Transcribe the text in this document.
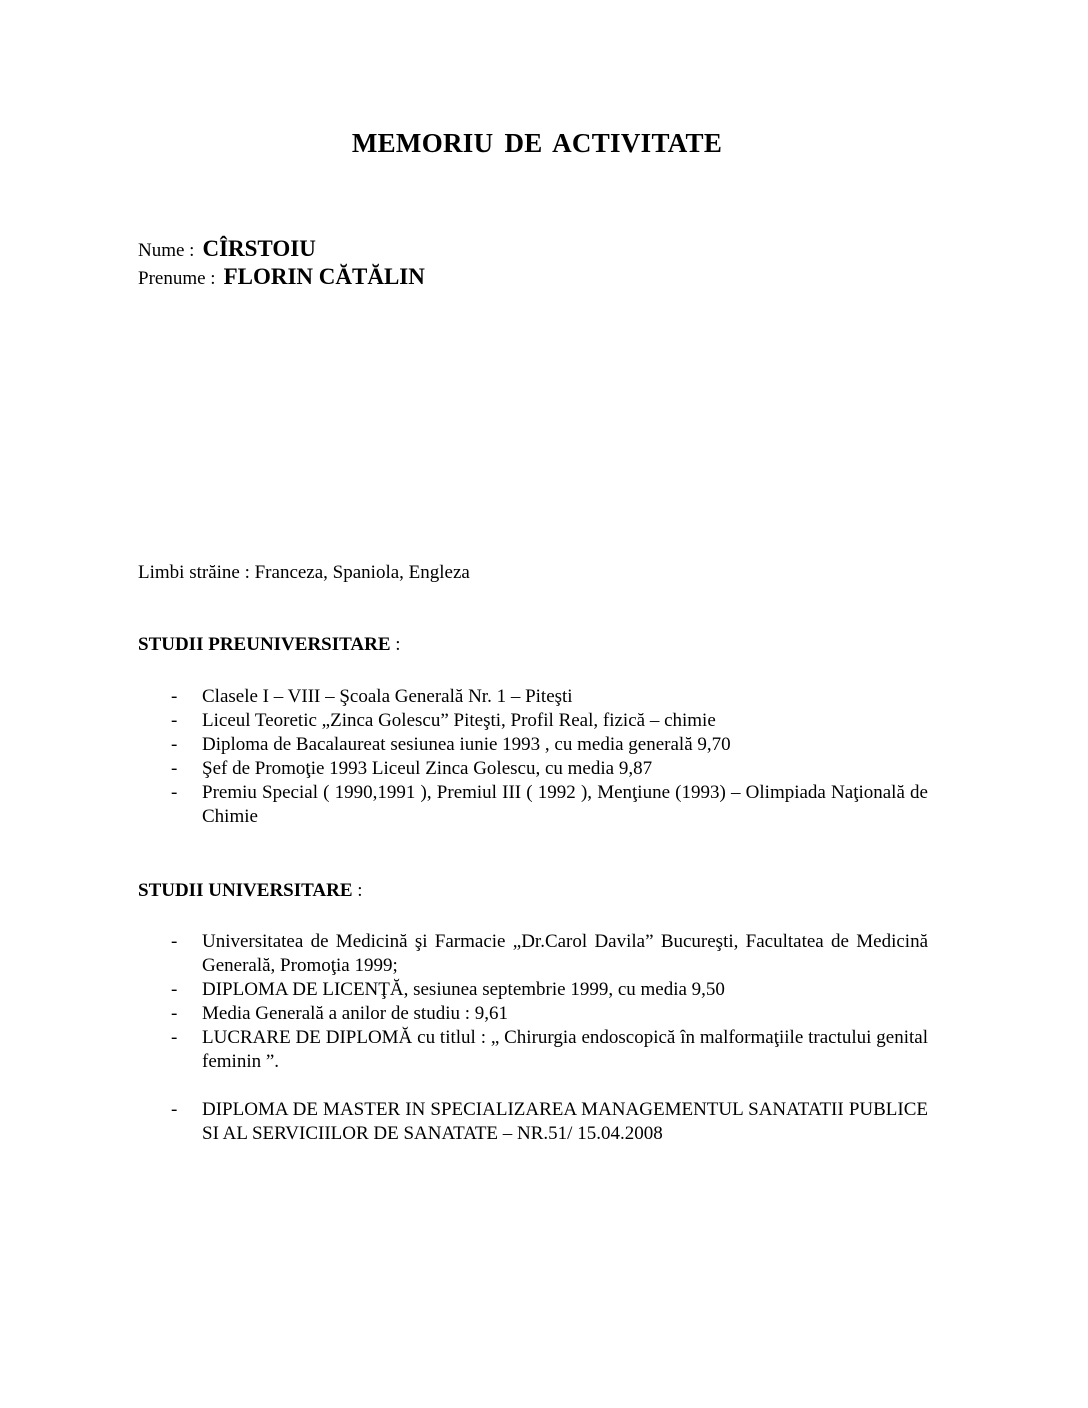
MEMORIU DE ACTIVITATE
Nume : CÎRSTOIU
Prenume : FLORIN CĂTĂLIN
Limbi străine : Franceza, Spaniola, Engleza
STUDII PREUNIVERSITARE :
- Clasele I – VIII – Şcoala Generală Nr. 1 – Piteşti
- Liceul Teoretic „Zinca Golescu” Piteşti, Profil Real, fizică – chimie
- Diploma de Bacalaureat sesiunea iunie 1993 , cu media generală 9,70
- Şef de Promoţie 1993 Liceul Zinca Golescu, cu media 9,87
- Premiu Special ( 1990,1991 ), Premiul III ( 1992 ), Menţiune (1993) – Olimpiada Naţională de Chimie
STUDII UNIVERSITARE :
- Universitatea de Medicină şi Farmacie „Dr.Carol Davila” Bucureşti, Facultatea de Medicină Generală, Promoţia 1999;
- DIPLOMA DE LICENŢĂ, sesiunea septembrie 1999, cu media 9,50
- Media Generală a anilor de studiu : 9,61
- LUCRARE DE DIPLOMĂ cu titlul : „ Chirurgia endoscopică în malformaţiile tractului genital feminin ”.
- DIPLOMA DE MASTER IN SPECIALIZAREA MANAGEMENTUL SANATATII PUBLICE SI AL SERVICIILOR DE SANATATE – NR.51/ 15.04.2008
